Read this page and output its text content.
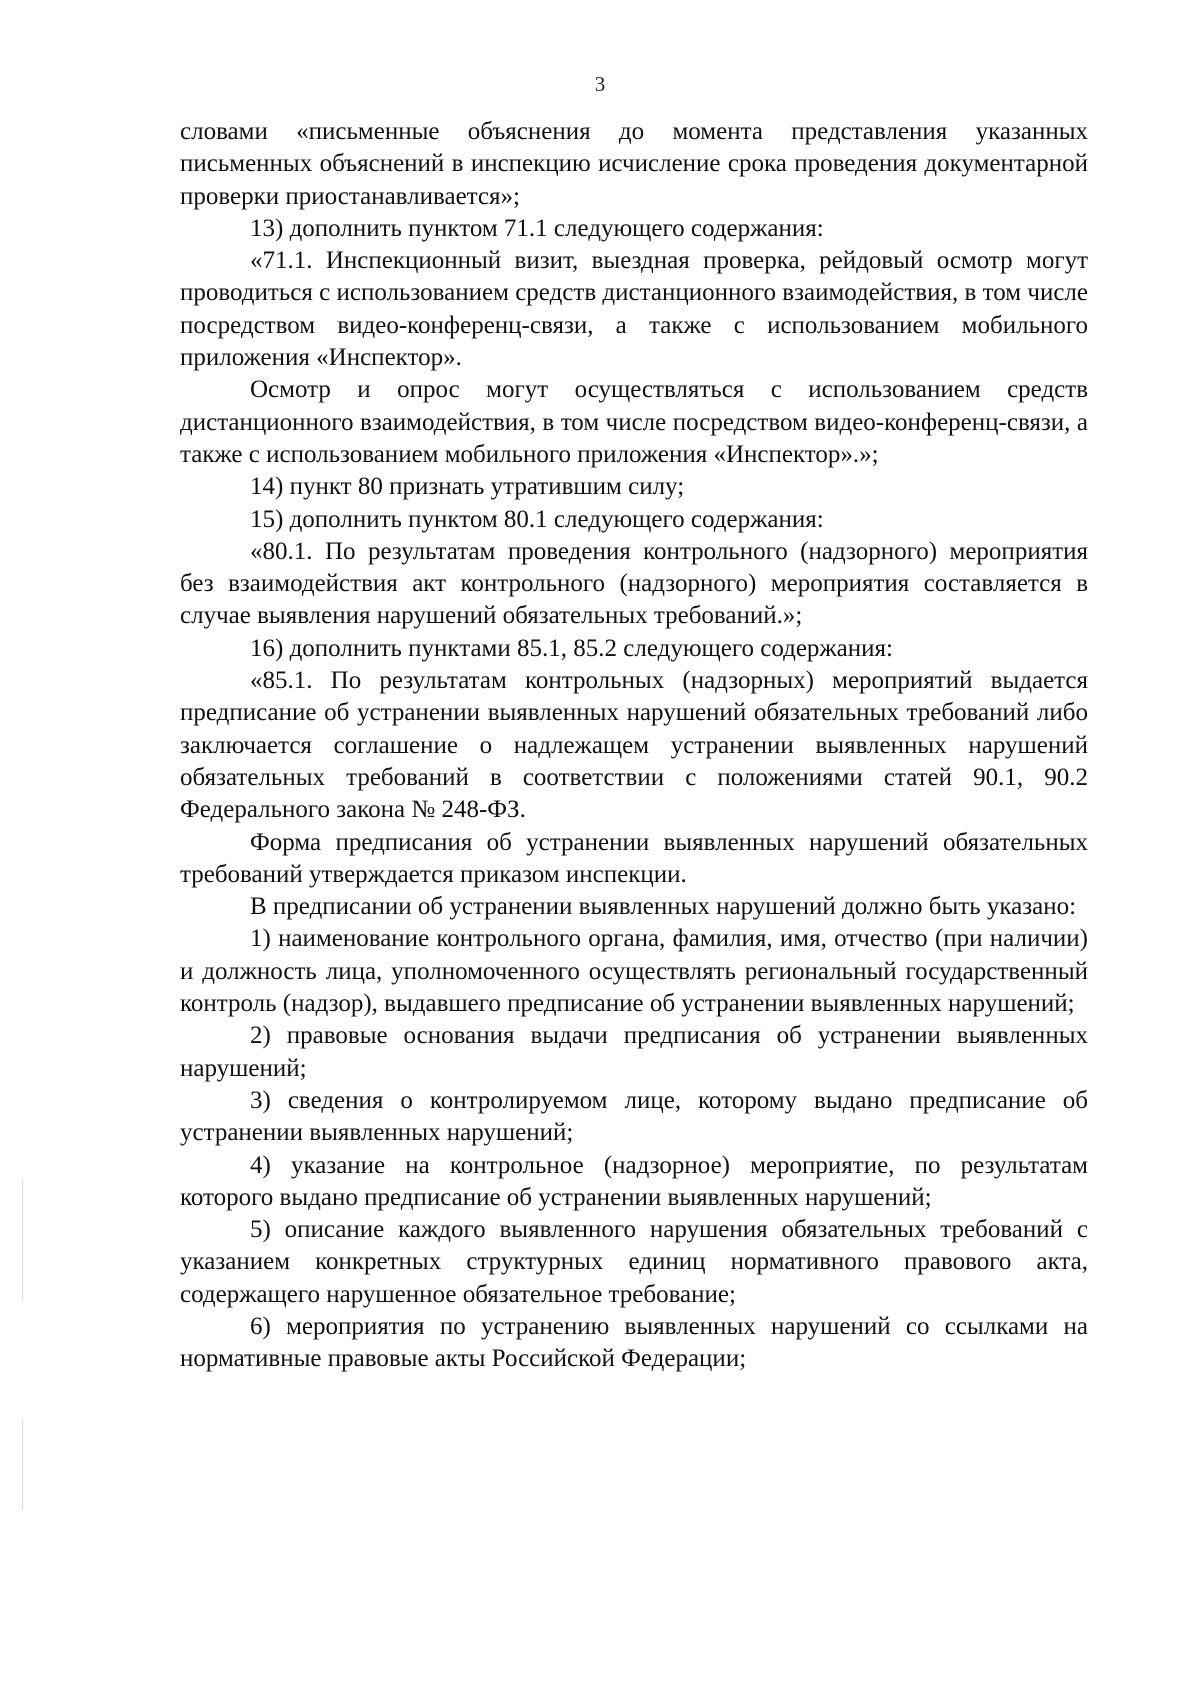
3

словами «письменные объяснения до момента представления указанных письменных объяснений в инспекцию исчисление срока проведения документарной проверки приостанавливается»;

13) дополнить пунктом 71.1 следующего содержания:

«71.1. Инспекционный визит, выездная проверка, рейдовый осмотр могут проводиться с использованием средств дистанционного взаимодействия, в том числе посредством видео-конференц-связи, а также с использованием мобильного приложения «Инспектор».

Осмотр и опрос могут осуществляться с использованием средств дистанционного взаимодействия, в том числе посредством видео-конференц-связи, а также с использованием мобильного приложения «Инспектор».»;

14) пункт 80 признать утратившим силу;

15) дополнить пунктом 80.1 следующего содержания:

«80.1. По результатам проведения контрольного (надзорного) мероприятия без взаимодействия акт контрольного (надзорного) мероприятия составляется в случае выявления нарушений обязательных требований.»;

16) дополнить пунктами 85.1, 85.2 следующего содержания:

«85.1. По результатам контрольных (надзорных) мероприятий выдается предписание об устранении выявленных нарушений обязательных требований либо заключается соглашение о надлежащем устранении выявленных нарушений обязательных требований в соответствии с положениями статей 90.1, 90.2 Федерального закона № 248-ФЗ.

Форма предписания об устранении выявленных нарушений обязательных требований утверждается приказом инспекции.

В предписании об устранении выявленных нарушений должно быть указано:

1) наименование контрольного органа, фамилия, имя, отчество (при наличии) и должность лица, уполномоченного осуществлять региональный государственный контроль (надзор), выдавшего предписание об устранении выявленных нарушений;

2) правовые основания выдачи предписания об устранении выявленных нарушений;

3) сведения о контролируемом лице, которому выдано предписание об устранении выявленных нарушений;

4) указание на контрольное (надзорное) мероприятие, по результатам которого выдано предписание об устранении выявленных нарушений;

5) описание каждого выявленного нарушения обязательных требований с указанием конкретных структурных единиц нормативного правового акта, содержащего нарушенное обязательное требование;

6) мероприятия по устранению выявленных нарушений со ссылками на нормативные правовые акты Российской Федерации;
